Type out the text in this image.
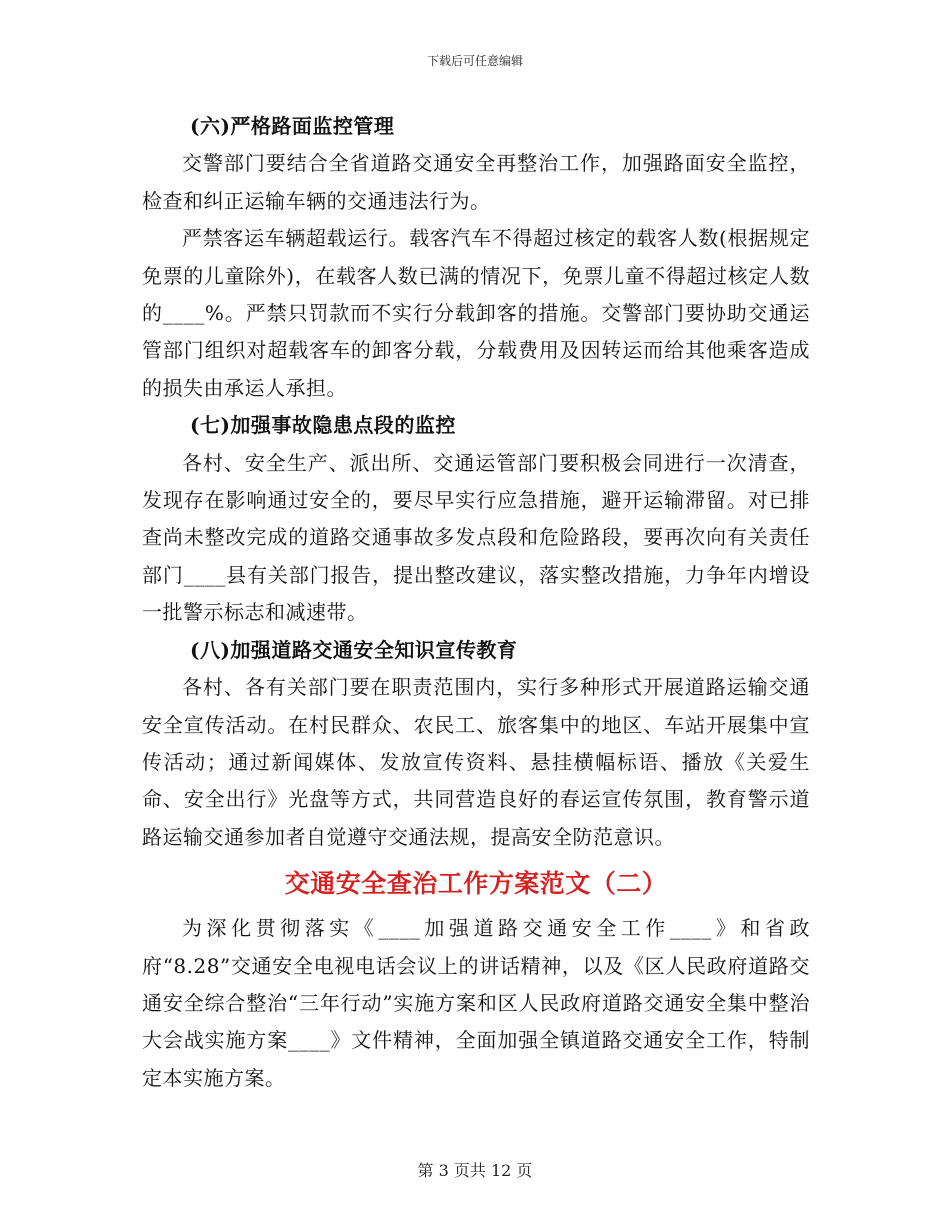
下载后可任意编辑

(六)严格路面监控管理

交警部门要结合全省道路交通安全再整治工作，加强路面安全监控，检查和纠正运输车辆的交通违法行为。

严禁客运车辆超载运行。载客汽车不得超过核定的载客人数(根据规定免票的儿童除外)，在载客人数已满的情况下，免票儿童不得超过核定人数的____%。严禁只罚款而不实行分载卸客的措施。交警部门要协助交通运管部门组织对超载客车的卸客分载，分载费用及因转运而给其他乘客造成的损失由承运人承担。

(七)加强事故隐患点段的监控

各村、安全生产、派出所、交通运管部门要积极会同进行一次清查，发现存在影响通过安全的，要尽早实行应急措施，避开运输滞留。对已排查尚未整改完成的道路交通事故多发点段和危险路段，要再次向有关责任部门____县有关部门报告，提出整改建议，落实整改措施，力争年内增设一批警示标志和减速带。

(八)加强道路交通安全知识宣传教育

各村、各有关部门要在职责范围内，实行多种形式开展道路运输交通安全宣传活动。在村民群众、农民工、旅客集中的地区、车站开展集中宣传活动；通过新闻媒体、发放宣传资料、悬挂横幅标语、播放《关爱生命、安全出行》光盘等方式，共同营造良好的春运宣传氛围，教育警示道路运输交通参加者自觉遵守交通法规，提高安全防范意识。

交通安全查治工作方案范文（二）

为深化贯彻落实《____加强道路交通安全工作____》和省政府“8.28”交通安全电视电话会议上的讲话精神，以及《区人民政府道路交通安全综合整治“三年行动”实施方案和区人民政府道路交通安全集中整治大会战实施方案____》文件精神，全面加强全镇道路交通安全工作，特制定本实施方案。

第 3 页共 12 页
